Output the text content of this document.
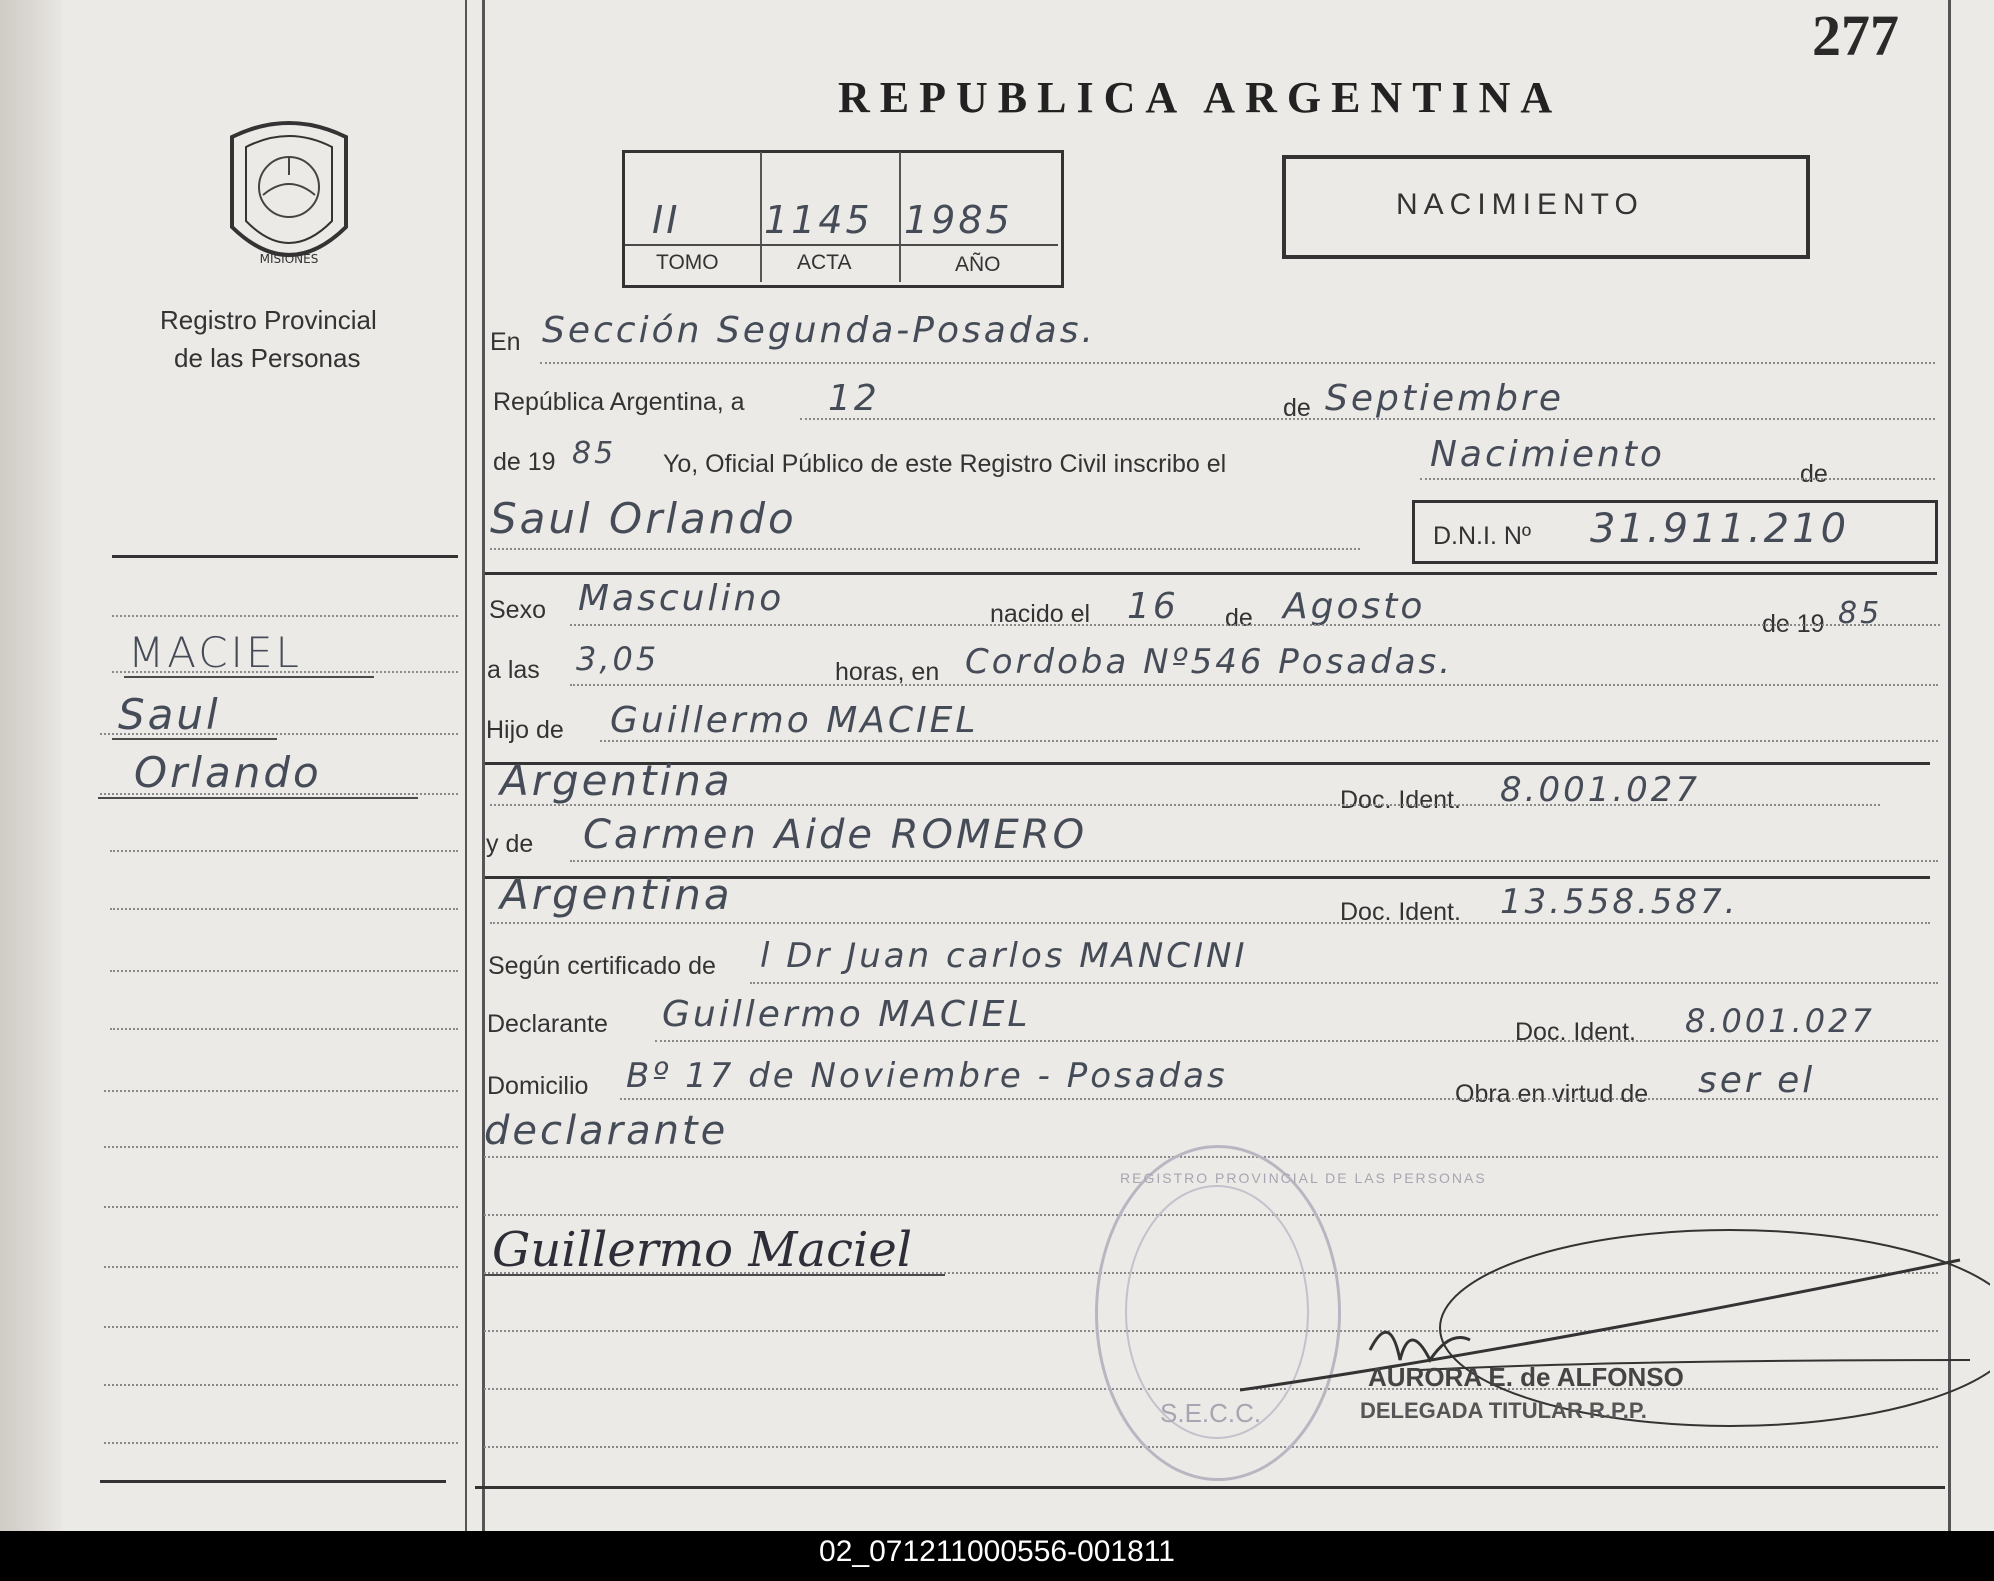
277
REPUBLICA ARGENTINA
II 1145 1985
TOMO	ACTA	AÑO
NACIMIENTO
MISIONES
Registro Provincial
de las Personas
MACIEL
Saul
Orlando
En Sección Segunda-Posadas.
República Argentina, a 12	de Septiembre
de 19 85 Yo, Oficial Público de este Registro Civil inscribo el	Nacimiento	de
Saul Orlando	D.N.I. Nº 31.911.210
Sexo Masculino	nacido el 16 de Agosto	de 19 85
a las 3,05	horas, en Cordoba Nº546 Posadas.
Hijo de Guillermo MACIEL
Argentina	Doc. Ident. 8.001.027
y de Carmen Aide ROMERO
Argentina	Doc. Ident. 13.558.587.
Según certificado de l Dr Juan carlos MANCINI
Declarante Guillermo MACIEL	Doc. Ident. 8.001.027
Domicilio Bº 17 de Noviembre - Posadas	Obra en virtud de ser el
declarante
Guillermo Maciel
REGISTRO PROVINCIAL DE LAS PERSONAS
S.E.C.C.
AURORA E. de ALFONSO
DELEGADA TITULAR R.P.P.
02_071211000556-001811
